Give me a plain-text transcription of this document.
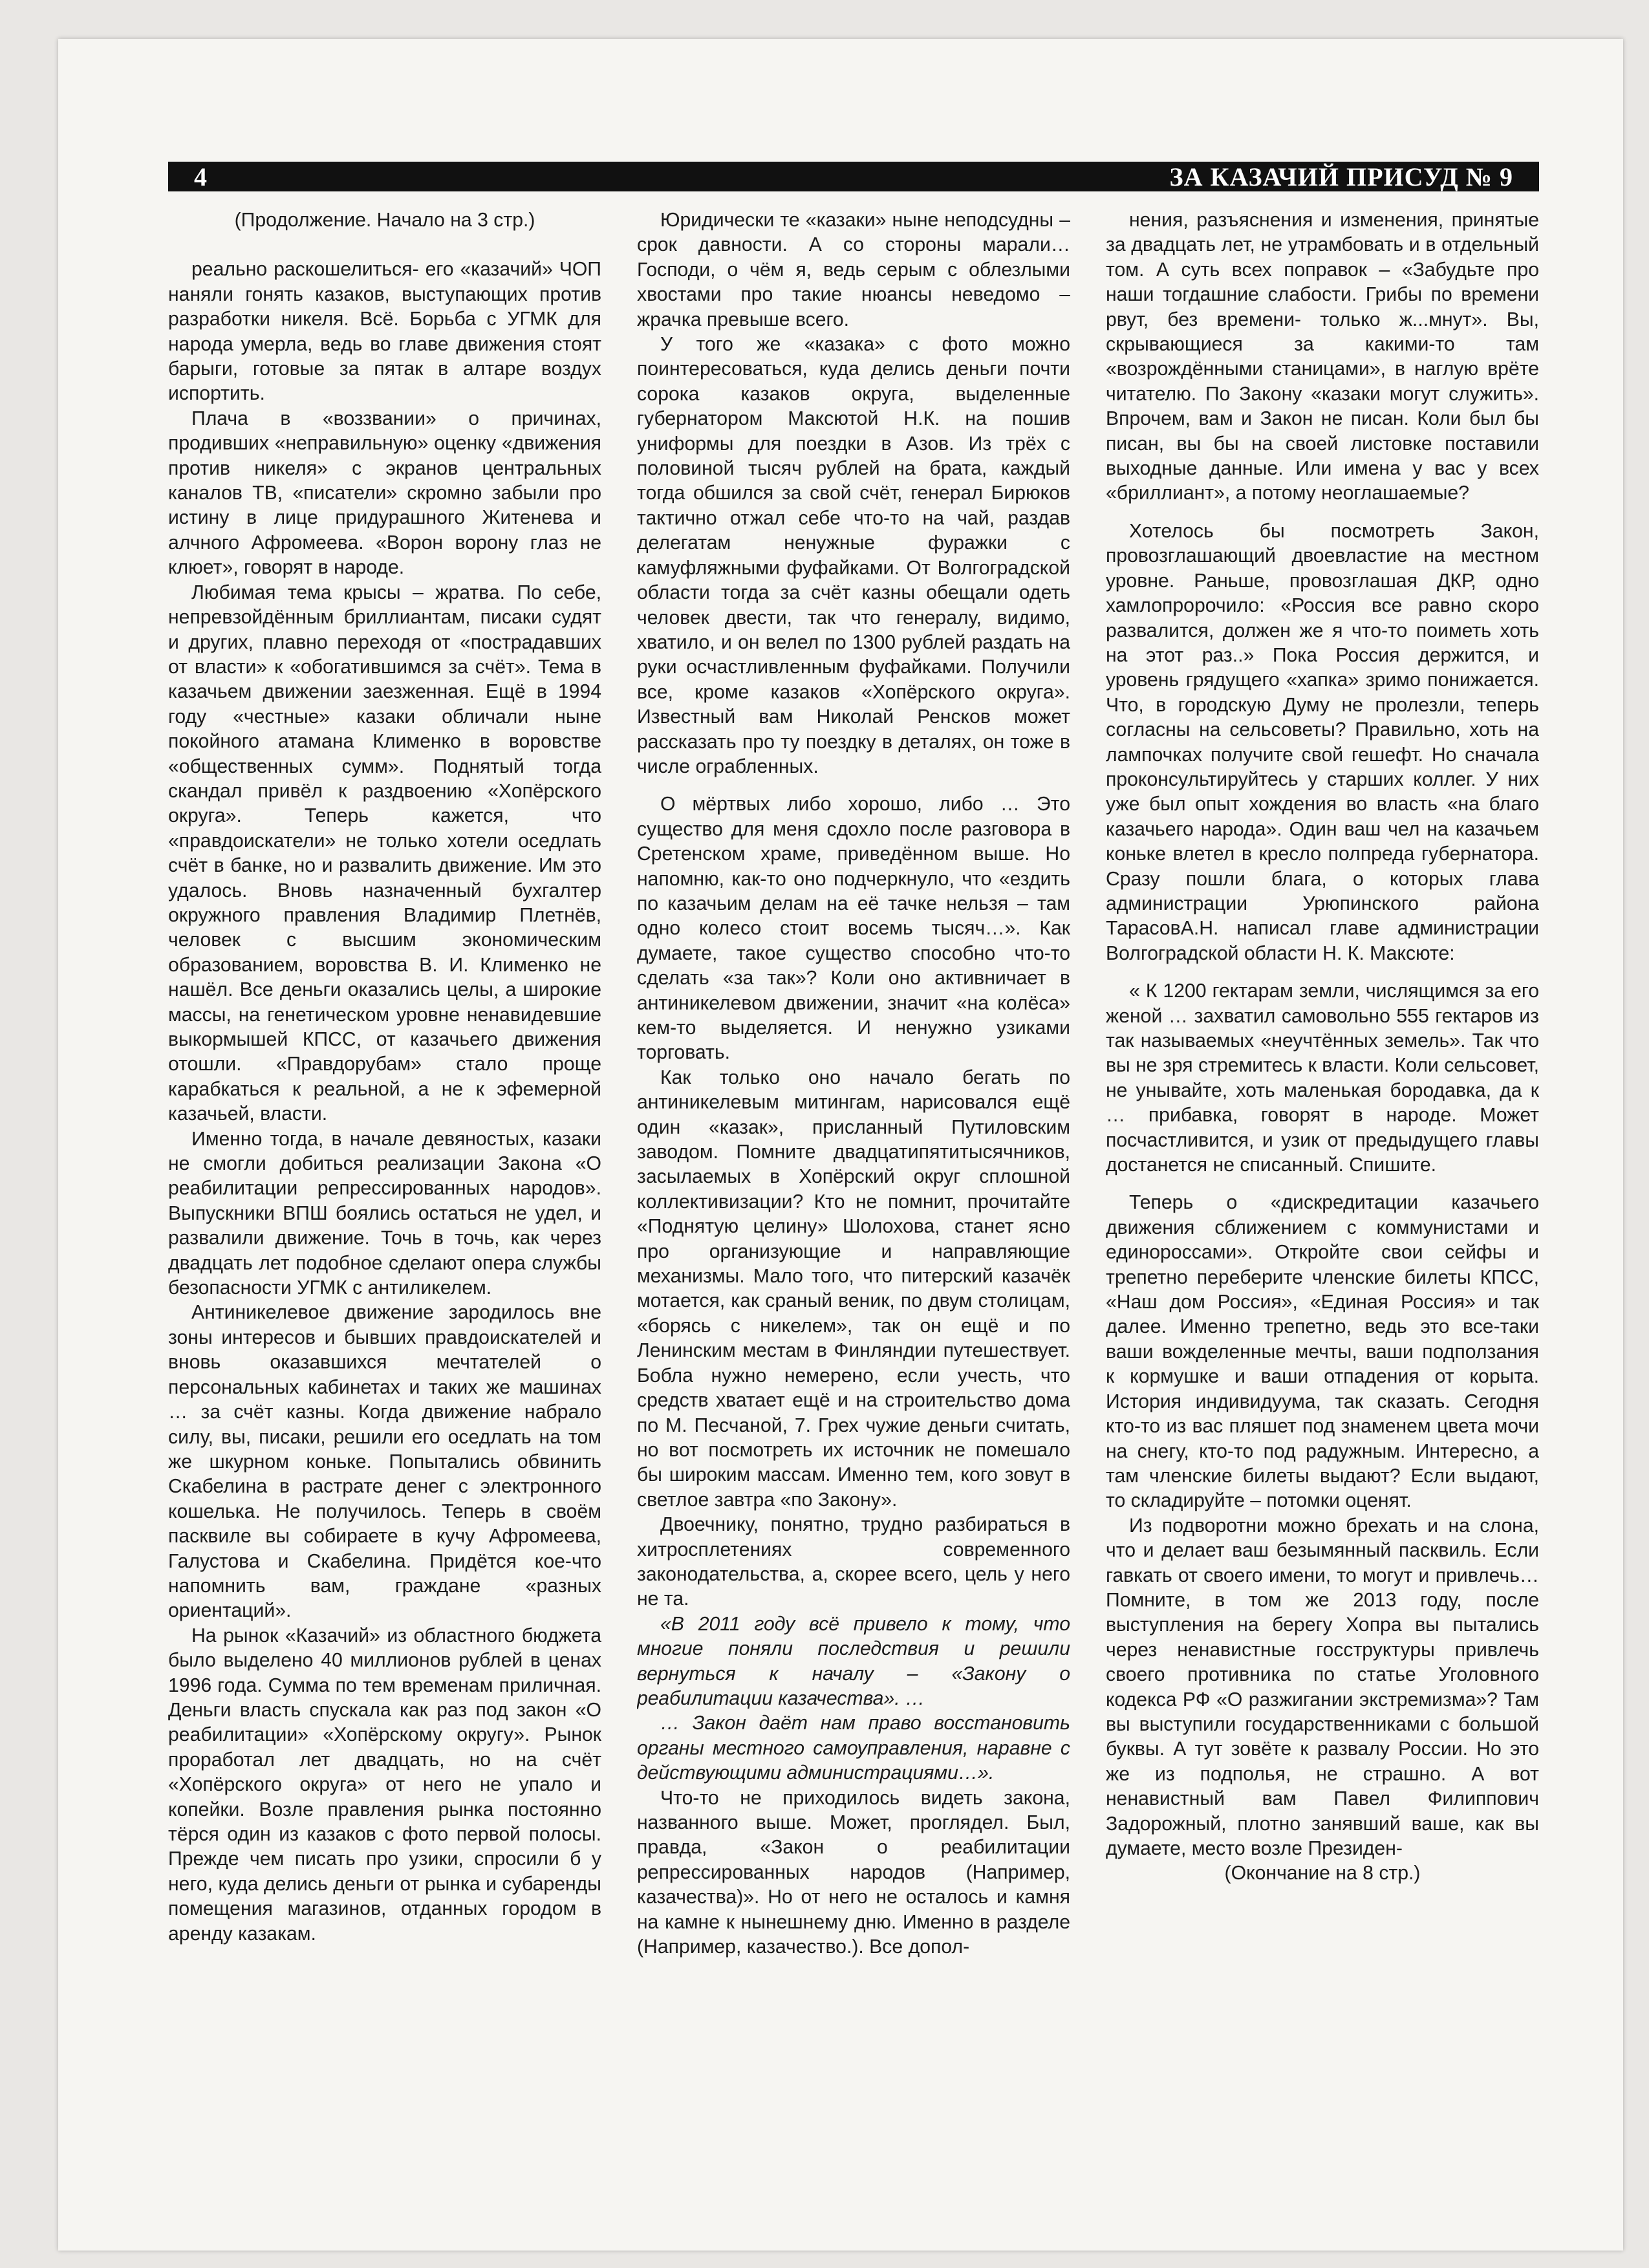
4	ЗА КАЗАЧИЙ ПРИСУД № 9

(Продолжение. Начало на 3 стр.)

реально раскошелиться- его «казачий» ЧОП наняли гонять казаков, выступающих против разработки никеля. Всё. Борьба с УГМК для народа умерла, ведь во главе движения стоят барыги, готовые за пятак в алтаре воздух испортить.

Плача в «воззвании» о причинах, продивших «неправильную» оценку «движения против никеля» с экранов центральных каналов ТВ, «писатели» скромно забыли про истину в лице придурашного Житенева и алчного Афромеева. «Ворон ворону глаз не клюет», говорят в народе.

Любимая тема крысы – жратва. По себе, непревзойдённым бриллиантам, писаки судят и других, плавно переходя от «пострадавших от власти» к «обогатившимся за счёт». Тема в казачьем движении заезженная. Ещё в 1994 году «честные» казаки обличали ныне покойного атамана Клименко в воровстве «общественных сумм». Поднятый тогда скандал привёл к раздвоению «Хопёрского округа». Теперь кажется, что «правдоискатели» не только хотели оседлать счёт в банке, но и развалить движение. Им это удалось. Вновь назначенный бухгалтер окружного правления Владимир Плетнёв, человек с высшим экономическим образованием, воровства В. И. Клименко не нашёл. Все деньги оказались целы, а широкие массы, на генетическом уровне ненавидевшие выкормышей КПСС, от казачьего движения отошли. «Правдорубам» стало проще карабкаться к реальной, а не к эфемерной казачьей, власти.

Именно тогда, в начале девяностых, казаки не смогли добиться реализации Закона «О реабилитации репрессированных народов». Выпускники ВПШ боялись остаться не удел, и развалили движение. Точь в точь, как через двадцать лет подобное сделают опера службы безопасности УГМК с антиликелем.

Антиникелевое движение зародилось вне зоны интересов и бывших правдоискателей и вновь оказавшихся мечтателей о персональных кабинетах и таких же машинах … за счёт казны. Когда движение набрало силу, вы, писаки, решили его оседлать на том же шкурном коньке. Попытались обвинить Скабелина в растрате денег с электронного кошелька. Не получилось. Теперь в своём пасквиле вы собираете в кучу Афромеева, Галустова и Скабелина. Придётся кое-что напомнить вам, граждане «разных ориентаций».

На рынок «Казачий» из областного бюджета было выделено 40 миллионов рублей в ценах 1996 года. Сумма по тем временам приличная. Деньги власть спускала как раз под закон «О реабилитации» «Хопёрскому округу». Рынок проработал лет двадцать, но на счёт «Хопёрского округа» от него не упало и копейки. Возле правления рынка постоянно тёрся один из казаков с фото первой полосы. Прежде чем писать про узики, спросили б у него, куда делись деньги от рынка и субаренды помещения магазинов, отданных городом в аренду казакам.

Юридически те «казаки» ныне неподсудны – срок давности. А со стороны марали… Господи, о чём я, ведь серым с облезлыми хвостами про такие нюансы неведомо – жрачка превыше всего.

У того же «казака» с фото можно поинтересоваться, куда делись деньги почти сорока казаков округа, выделенные губернатором Максютой Н.К. на пошив униформы для поездки в Азов. Из трёх с половиной тысяч рублей на брата, каждый тогда обшился за свой счёт, генерал Бирюков тактично отжал себе что-то на чай, раздав делегатам ненужные фуражки с камуфляжными фуфайками. От Волгоградской области тогда за счёт казны обещали одеть человек двести, так что генералу, видимо, хватило, и он велел по 1300 рублей раздать на руки осчастливленным фуфайками. Получили все, кроме казаков «Хопёрского округа». Известный вам Николай Ренсков может рассказать про ту поездку в деталях, он тоже в числе ограбленных.

О мёртвых либо хорошо, либо … Это существо для меня сдохло после разговора в Сретенском храме, приведённом выше. Но напомню, как-то оно подчеркнуло, что «ездить по казачьим делам на её тачке нельзя – там одно колесо стоит восемь тысяч…». Как думаете, такое существо способно что-то сделать «за так»? Коли оно активничает в антиникелевом движении, значит «на колёса» кем-то выделяется. И ненужно узиками торговать.

Как только оно начало бегать по антиникелевым митингам, нарисовался ещё один «казак», присланный Путиловским заводом. Помните двадцатипятитысячников, засылаемых в Хопёрский округ сплошной коллективизации? Кто не помнит, прочитайте «Поднятую целину» Шолохова, станет ясно про организующие и направляющие механизмы. Мало того, что питерский казачёк мотается, как сраный веник, по двум столицам, «борясь с никелем», так он ещё и по Ленинским местам в Финляндии путешествует. Бобла нужно немерено, если учесть, что средств хватает ещё и на строительство дома по М. Песчаной, 7. Грех чужие деньги считать, но вот посмотреть их источник не помешало бы широким массам. Именно тем, кого зовут в светлое завтра «по Закону».

Двоечнику, понятно, трудно разбираться в хитросплетениях современного законодательства, а, скорее всего, цель у него не та.

«В 2011 году всё привело к тому, что многие поняли последствия и решили вернуться к началу – «Закону о реабилитации казачества». …

… Закон даёт нам право восстановить органы местного самоуправления, наравне с действующими администрациями…».

Что-то не приходилось видеть закона, названного выше. Может, проглядел. Был, правда, «Закон о реабилитации репрессированных народов (Например, казачества)». Но от него не осталось и камня на камне к нынешнему дню. Именно в разделе (Например, казачество.). Все допол-

нения, разъяснения и изменения, принятые за двадцать лет, не утрамбовать и в отдельный том. А суть всех поправок – «Забудьте про наши тогдашние слабости. Грибы по времени рвут, без времени- только ж...мнут». Вы, скрывающиеся за какими-то там «возрождёнными станицами», в наглую врёте читателю. По Закону «казаки могут служить». Впрочем, вам и Закон не писан. Коли был бы писан, вы бы на своей листовке поставили выходные данные. Или имена у вас у всех «бриллиант», а потому неоглашаемые?

Хотелось бы посмотреть Закон, провозглашающий двоевластие на местном уровне. Раньше, провозглашая ДКР, одно хамлопророчило: «Россия все равно скоро развалится, должен же я что-то поиметь хоть на этот раз..» Пока Россия держится, и уровень грядущего «хапка» зримо понижается. Что, в городскую Думу не пролезли, теперь согласны на сельсоветы? Правильно, хоть на лампочках получите свой гешефт. Но сначала проконсультируйтесь у старших коллег. У них уже был опыт хождения во власть «на благо казачьего народа». Один ваш чел на казачьем коньке влетел в кресло полпреда губернатора. Сразу пошли блага, о которых глава администрации Урюпинского района ТарасовА.Н. написал главе администрации Волгоградской области Н. К. Максюте:

« К 1200 гектарам земли, числящимся за его женой … захватил самовольно 555 гектаров из так называемых «неучтённых земель». Так что вы не зря стремитесь к власти. Коли сельсовет, не унывайте, хоть маленькая бородавка, да к … прибавка, говорят в народе. Может посчастливится, и узик от предыдущего главы достанется не списанный. Спишите.

Теперь о «дискредитации казачьего движения сближением с коммунистами и единороссами». Откройте свои сейфы и трепетно переберите членские билеты КПСС, «Наш дом Россия», «Единая Россия» и так далее. Именно трепетно, ведь это все-таки ваши вожделенные мечты, ваши подползания к кормушке и ваши отпадения от корыта. История индивидуума, так сказать. Сегодня кто-то из вас пляшет под знаменем цвета мочи на снегу, кто-то под радужным. Интересно, а там членские билеты выдают? Если выдают, то складируйте – потомки оценят.

Из подворотни можно брехать и на слона, что и делает ваш безымянный пасквиль. Если гавкать от своего имени, то могут и привлечь… Помните, в том же 2013 году, после выступления на берегу Хопра вы пытались через ненавистные госструктуры привлечь своего противника по статье Уголовного кодекса РФ «О разжигании экстремизма»? Там вы выступили государственниками с большой буквы. А тут зовёте к развалу России. Но это же из подполья, не страшно. А вот ненавистный вам Павел Филиппович Задорожный, плотно занявший ваше, как вы думаете, место возле Президен-

(Окончание на 8 стр.)
